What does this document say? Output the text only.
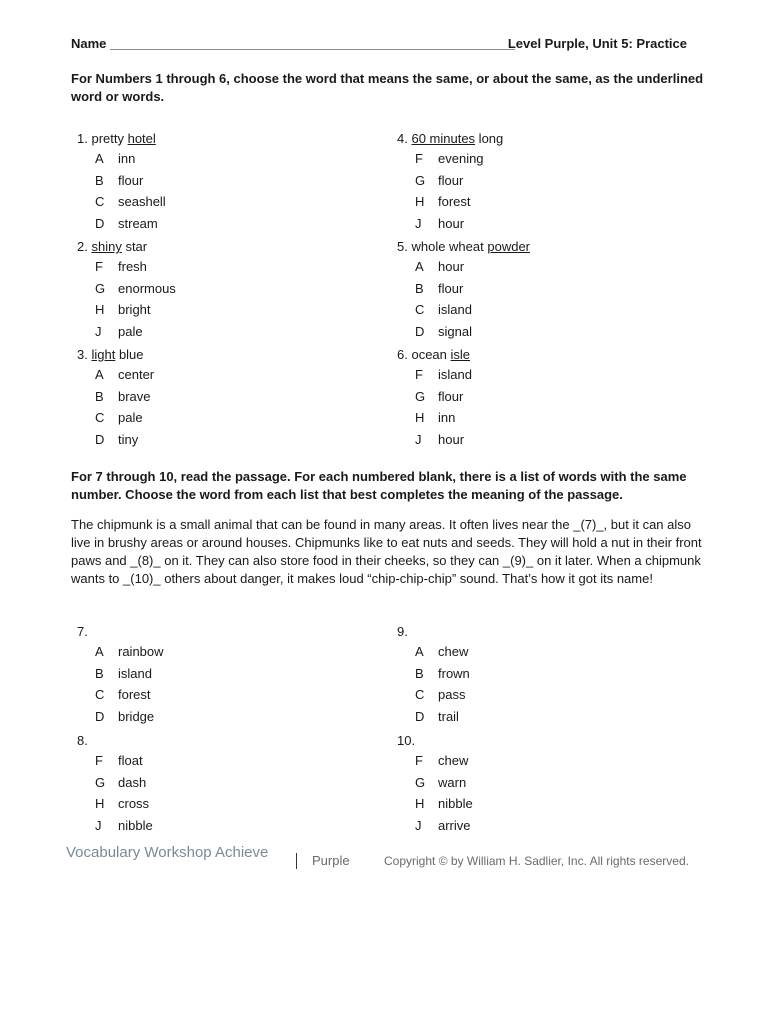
Name ________________________________________________________
Level Purple, Unit 5: Practice
For Numbers 1 through 6, choose the word that means the same, or about the same, as the underlined word or words.
1. pretty hotel
A inn
B flour
C seashell
D stream
2. shiny star
F fresh
G enormous
H bright
J pale
3. light blue
A center
B brave
C pale
D tiny
4. 60 minutes long
F evening
G flour
H forest
J hour
5. whole wheat powder
A hour
B flour
C island
D signal
6. ocean isle
F island
G flour
H inn
J hour
7.
A rainbow
B island
C forest
D bridge
8.
F float
G dash
H cross
J nibble
9.
A chew
B frown
C pass
D trail
10.
F chew
G warn
H nibble
J arrive
For 7 through 10, read the passage. For each numbered blank, there is a list of words with the same number. Choose the word from each list that best completes the meaning of the passage.
The chipmunk is a small animal that can be found in many areas. It often lives near the _(7)_, but it can also live in brushy areas or around houses. Chipmunks like to eat nuts and seeds. They will hold a nut in their front paws and _(8)_ on it. They can also store food in their cheeks, so they can _(9)_ on it later. When a chipmunk wants to _(10)_ others about danger, it makes loud “chip-chip-chip” sound. That’s how it got its name!
Vocabulary Workshop Achieve	Purple	Copyright © by William H. Sadlier, Inc. All rights reserved.
